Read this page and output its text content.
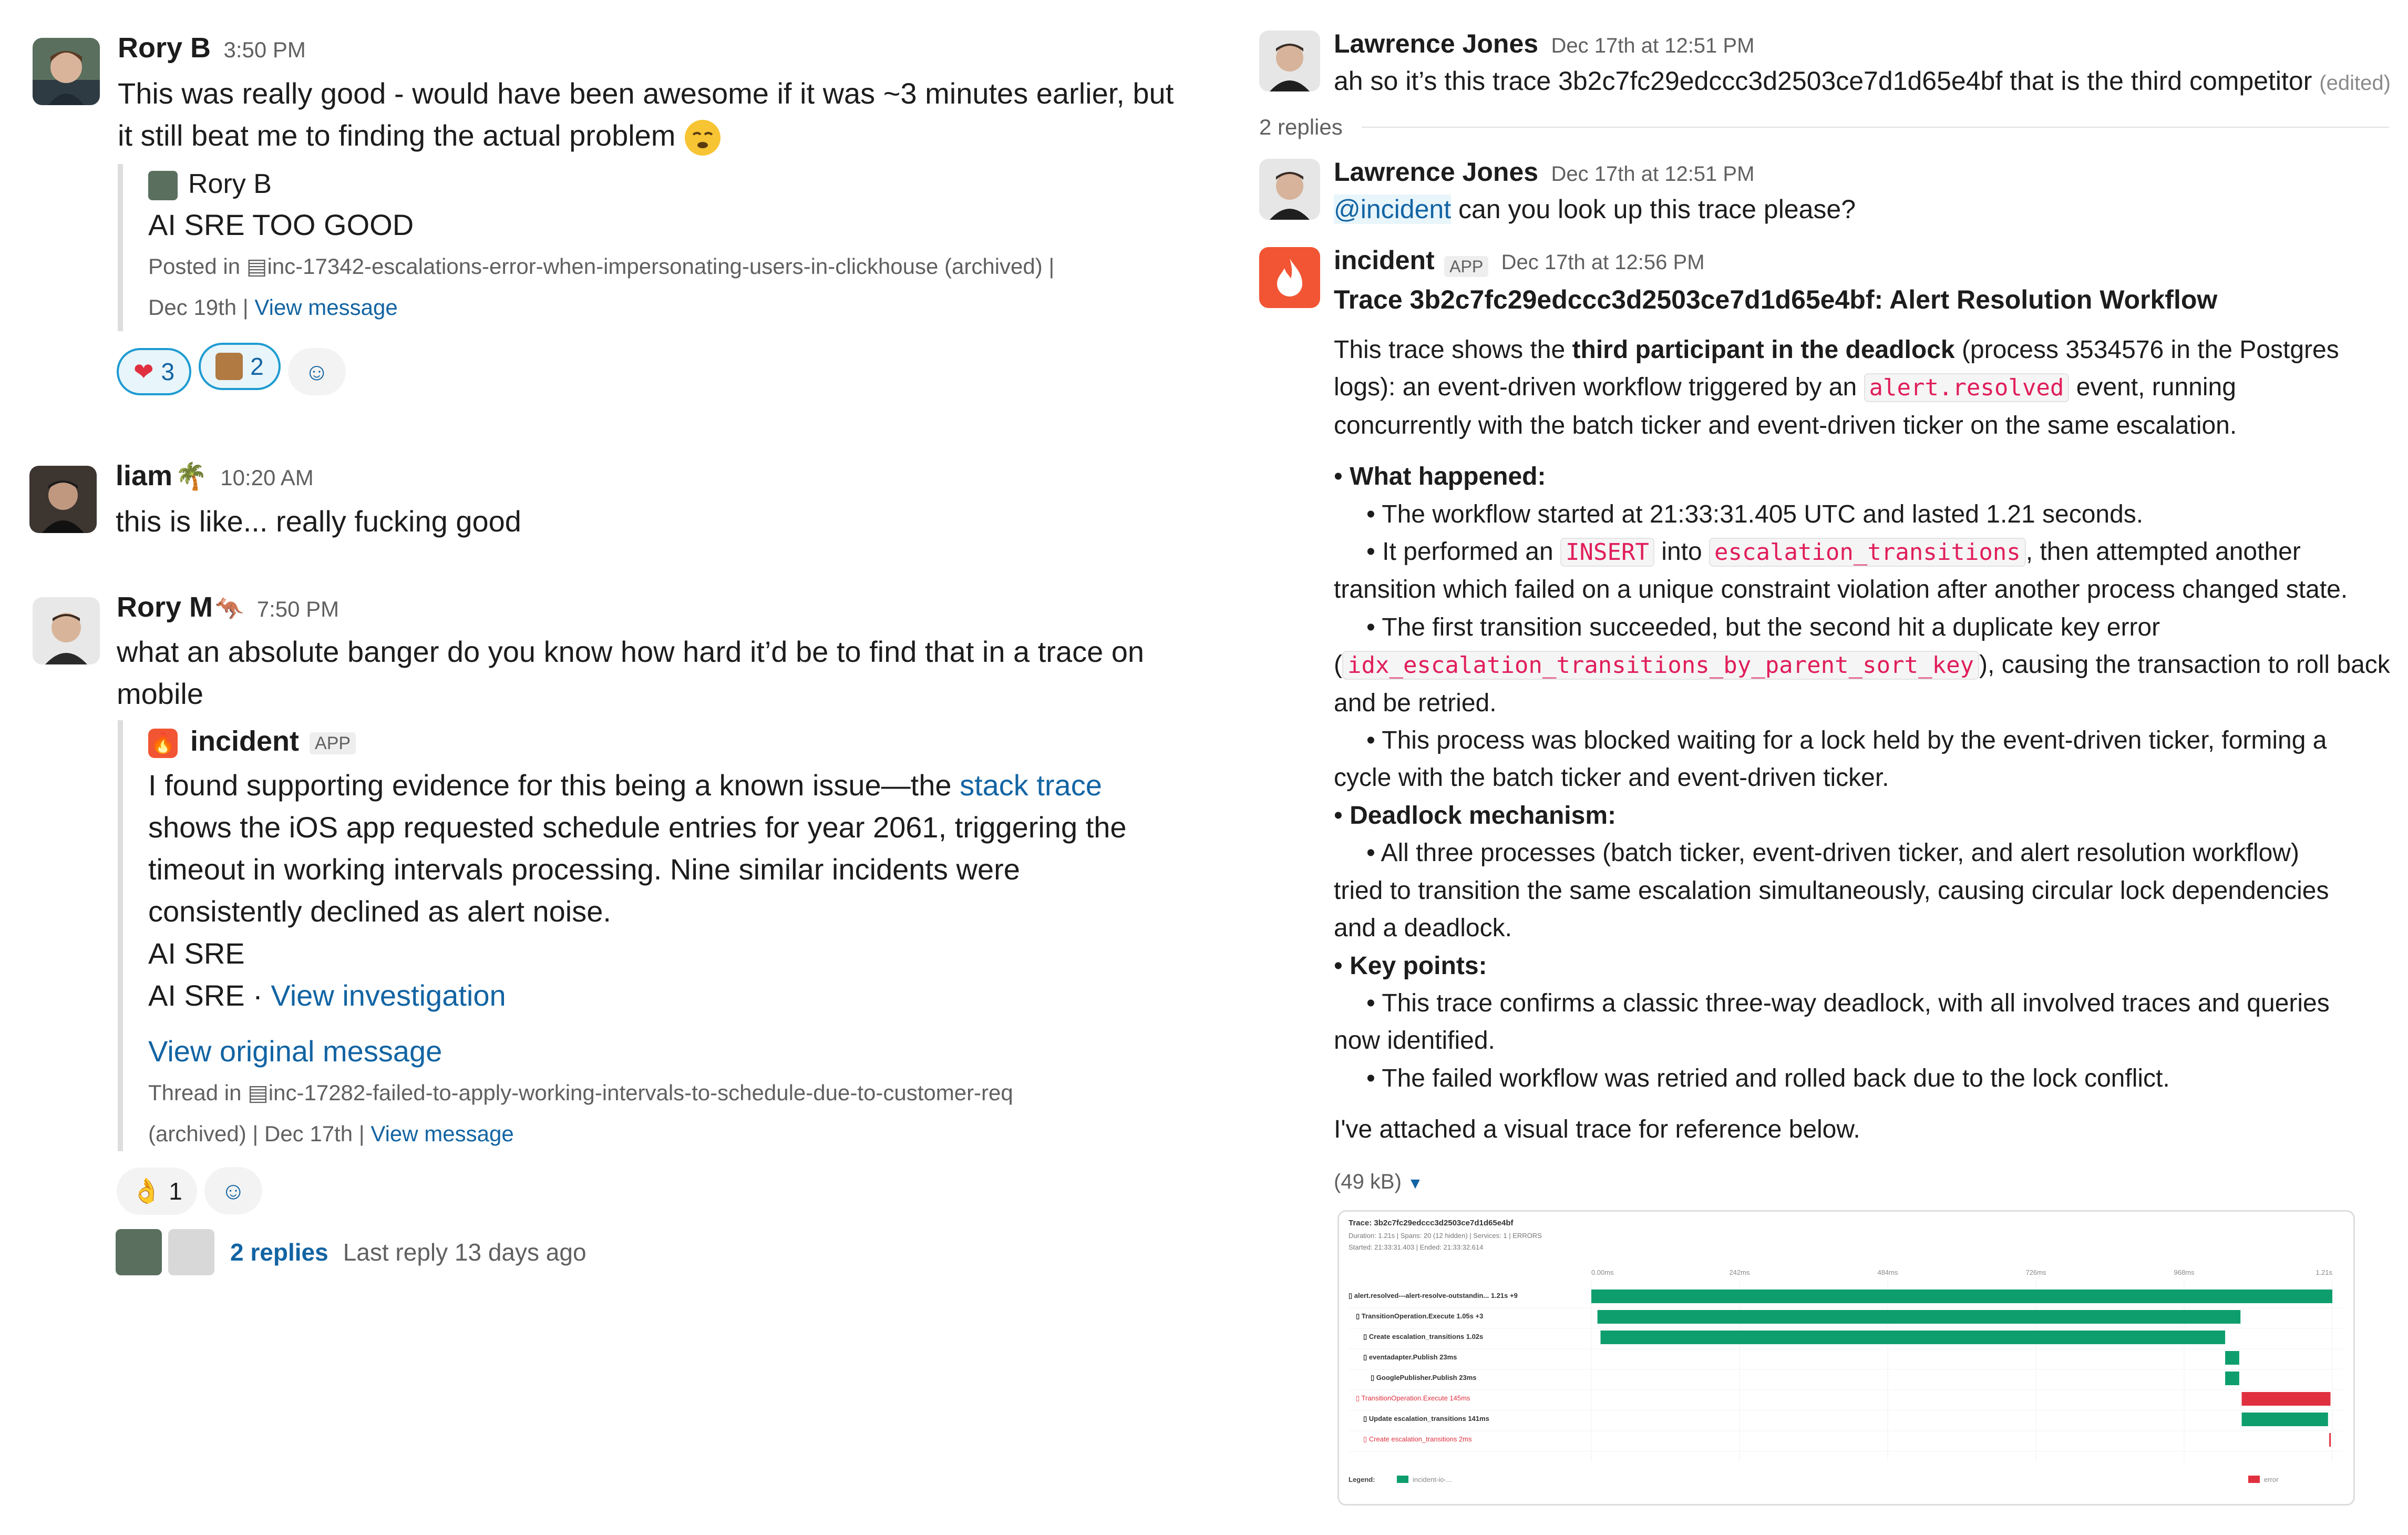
Rory B 3:50 PM
This was really good - would have been awesome if it was ~3 minutes earlier, but
it still beat me to finding the actual problem
Rory B
AI SRE TOO GOOD
Posted in ▤inc-17342-escalations-error-when-impersonating-users-in-clickhouse (archived) |
Dec 19th | View message
❤ 3	2 ☺
liam 🌴 10:20 AM
this is like... really fucking good
Rory M 🦘 7:50 PM
what an absolute banger do you know how hard it’d be to find that in a trace on
mobile
🔥 incident APP
I found supporting evidence for this being a known issue—the stack trace
shows the iOS app requested schedule entries for year 2061, triggering the
timeout in working intervals processing. Nine similar incidents were
consistently declined as alert noise.
AI SRE
AI SRE · View investigation
View original message
Thread in ▤inc-17282-failed-to-apply-working-intervals-to-schedule-due-to-customer-req
(archived) | Dec 17th | View message
👌 1 ☺
2 replies Last reply 13 days ago
Lawrence Jones Dec 17th at 12:51 PM
ah so it’s this trace 3b2c7fc29edccc3d2503ce7d1d65e4bf that is the third competitor (edited)
2 replies
Lawrence Jones Dec 17th at 12:51 PM
@incident can you look up this trace please?
incident APP Dec 17th at 12:56 PM
Trace 3b2c7fc29edccc3d2503ce7d1d65e4bf: Alert Resolution Workflow
This trace shows the third participant in the deadlock (process 3534576 in the Postgres
logs): an event-driven workflow triggered by an alert.resolved event, running
concurrently with the batch ticker and event-driven ticker on the same escalation.
• What happened:
• The workflow started at 21:33:31.405 UTC and lasted 1.21 seconds.
• It performed an INSERT into escalation_transitions , then attempted another
transition which failed on a unique constraint violation after another process changed state.
• The first transition succeeded, but the second hit a duplicate key error
( idx_escalation_transitions_by_parent_sort_key ), causing the transaction to roll back
and be retried.
• This process was blocked waiting for a lock held by the event-driven ticker, forming a
cycle with the batch ticker and event-driven ticker.
• Deadlock mechanism:
• All three processes (batch ticker, event-driven ticker, and alert resolution workflow)
tried to transition the same escalation simultaneously, causing circular lock dependencies
and a deadlock.
• Key points:
• This trace confirms a classic three-way deadlock, with all involved traces and queries
now identified.
• The failed workflow was retried and rolled back due to the lock conflict.
I've attached a visual trace for reference below.
(49 kB) ▼
Trace: 3b2c7fc29edccc3d2503ce7d1d65e4bf
Duration: 1.21s | Spans: 20 (12 hidden) | Services: 1 | ERRORS
Started: 21:33:31.403 | Ended: 21:33:32.614
0.00ms	242ms	484ms	726ms	968ms	1.21s
▯ alert.resolved---alert-resolve-outstandin... 1.21s +9
▯ TransitionOperation.Execute 1.05s +3
▯ Create escalation_transitions 1.02s
▯ eventadapter.Publish 23ms
▯ GooglePublisher.Publish 23ms
▯ TransitionOperation.Execute 145ms
▯ Update escalation_transitions 141ms
▯ Create escalation_transitions 2ms
Legend:	incident-io-...	error
